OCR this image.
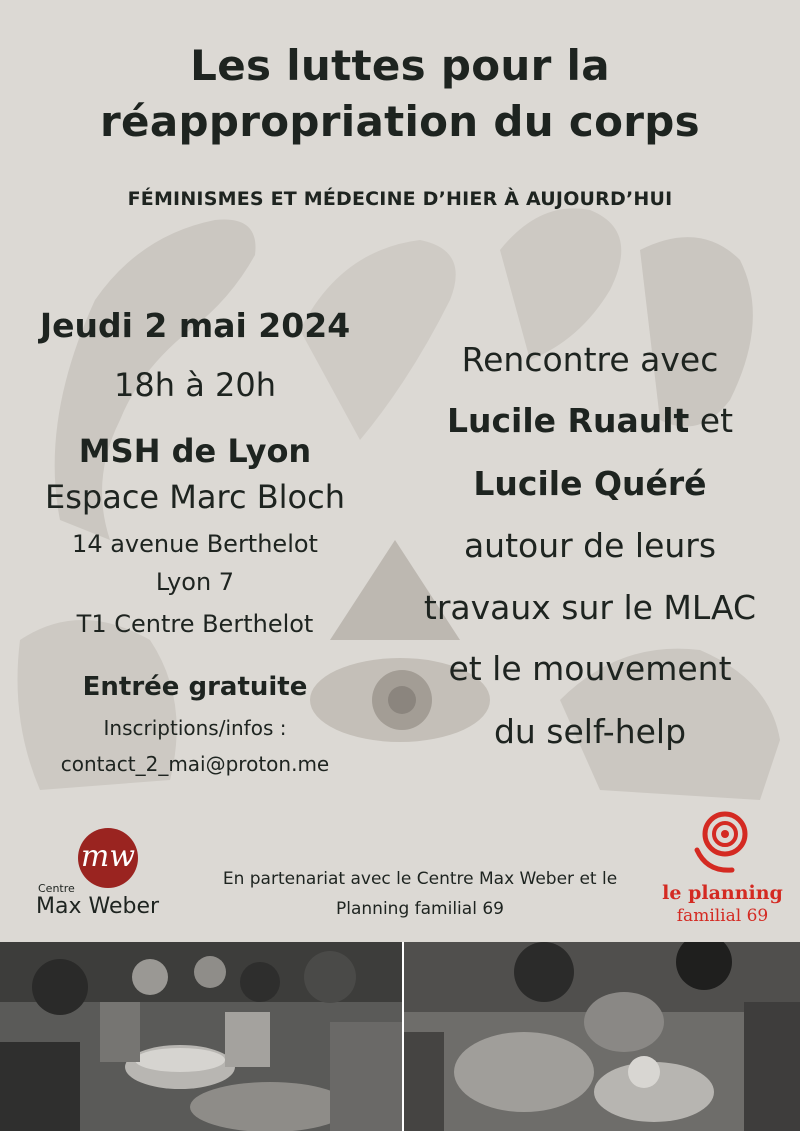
Les luttes pour la
réappropriation du corps
FÉMINISMES ET MÉDECINE D’HIER À AUJOURD’HUI
Jeudi 2 mai 2024
18h à 20h
MSH de Lyon
Espace Marc Bloch
14 avenue Berthelot
Lyon 7
T1 Centre Berthelot
Entrée gratuite
Inscriptions/infos :
contact_2_mai@proton.me
Rencontre avec
Lucile Ruault et
Lucile Quéré
autour de leurs
travaux sur le MLAC
et le mouvement
du self-help
mw
Centre
Max Weber
En partenariat avec le Centre Max Weber et le
Planning familial 69
le planning
familial 69
